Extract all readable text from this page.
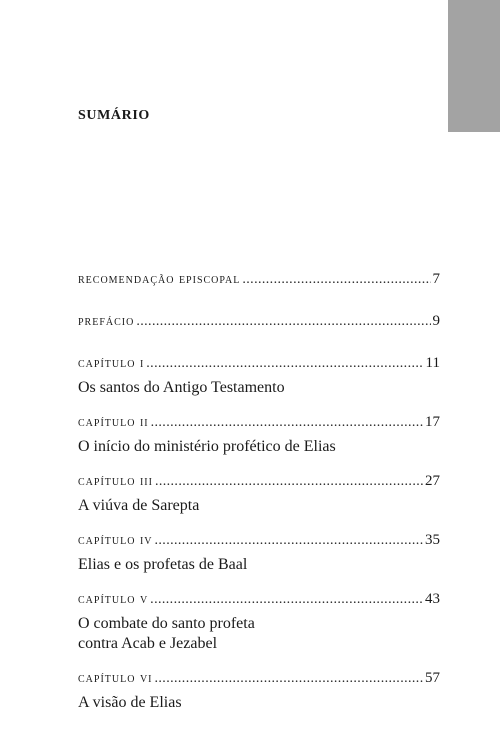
SUMÁRIO
recomendação episcopal .....	7
prefácio .....	9
capítulo i .....	11
Os santos do Antigo Testamento
capítulo ii .....	17
O início do ministério profético de Elias
capítulo iii .....	27
A viúva de Sarepta
capítulo iv .....	35
Elias e os profetas de Baal
capítulo v .....	43
O combate do santo profeta
contra Acab e Jezabel
capítulo vi .....	57
A visão de Elias
